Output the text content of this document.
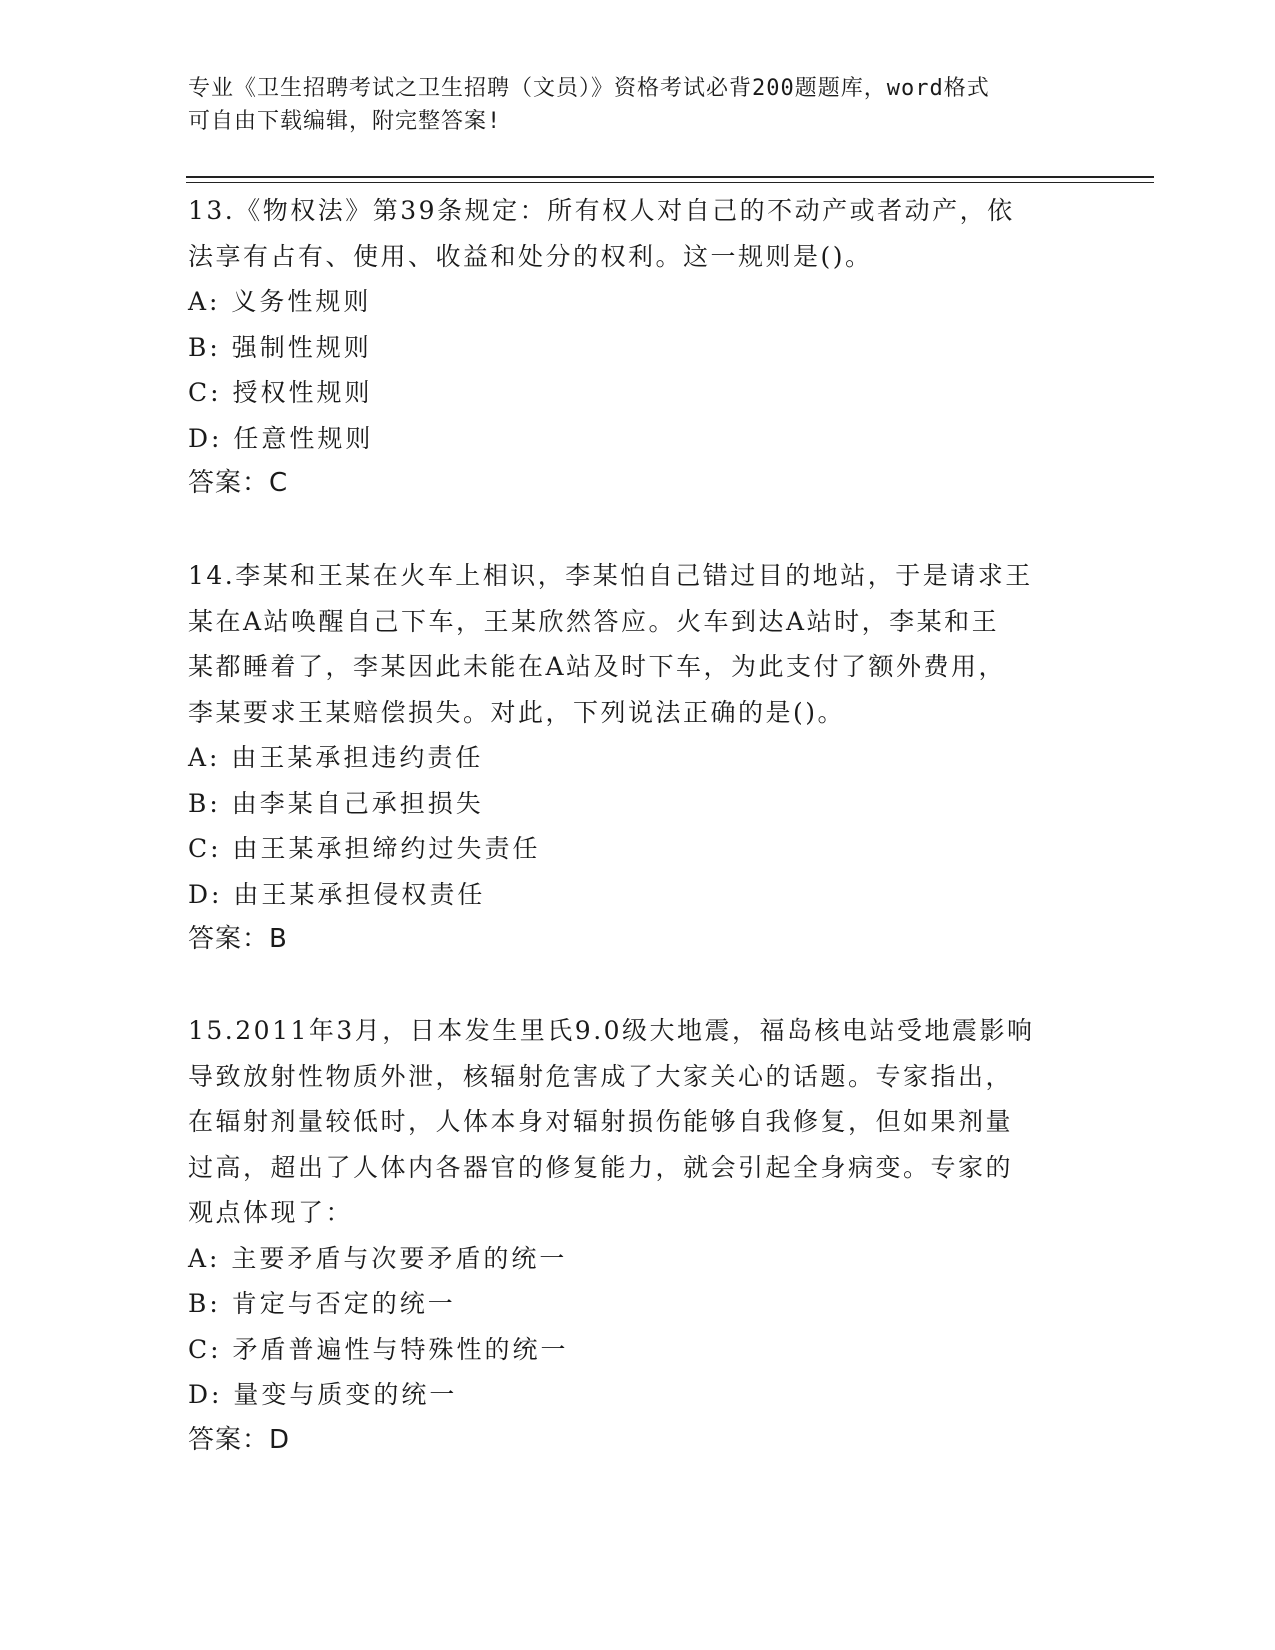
专业《卫生招聘考试之卫生招聘（文员）》资格考试必背200题题库，word格式
可自由下载编辑，附完整答案!
13.《物权法》第39条规定：所有权人对自己的不动产或者动产，依
法享有占有、使用、收益和处分的权利。这一规则是()。
A: 义务性规则
B: 强制性规则
C: 授权性规则
D: 任意性规则
答案：C
14.李某和王某在火车上相识，李某怕自己错过目的地站，于是请求王
某在A站唤醒自己下车，王某欣然答应。火车到达A站时，李某和王
某都睡着了，李某因此未能在A站及时下车，为此支付了额外费用，
李某要求王某赔偿损失。对此，下列说法正确的是()。
A: 由王某承担违约责任
B: 由李某自己承担损失
C: 由王某承担缔约过失责任
D: 由王某承担侵权责任
答案：B
15.2011年3月，日本发生里氏9.0级大地震，福岛核电站受地震影响
导致放射性物质外泄，核辐射危害成了大家关心的话题。专家指出，
在辐射剂量较低时，人体本身对辐射损伤能够自我修复，但如果剂量
过高，超出了人体内各器官的修复能力，就会引起全身病变。专家的
观点体现了：
A: 主要矛盾与次要矛盾的统一
B: 肯定与否定的统一
C: 矛盾普遍性与特殊性的统一
D: 量变与质变的统一
答案：D
